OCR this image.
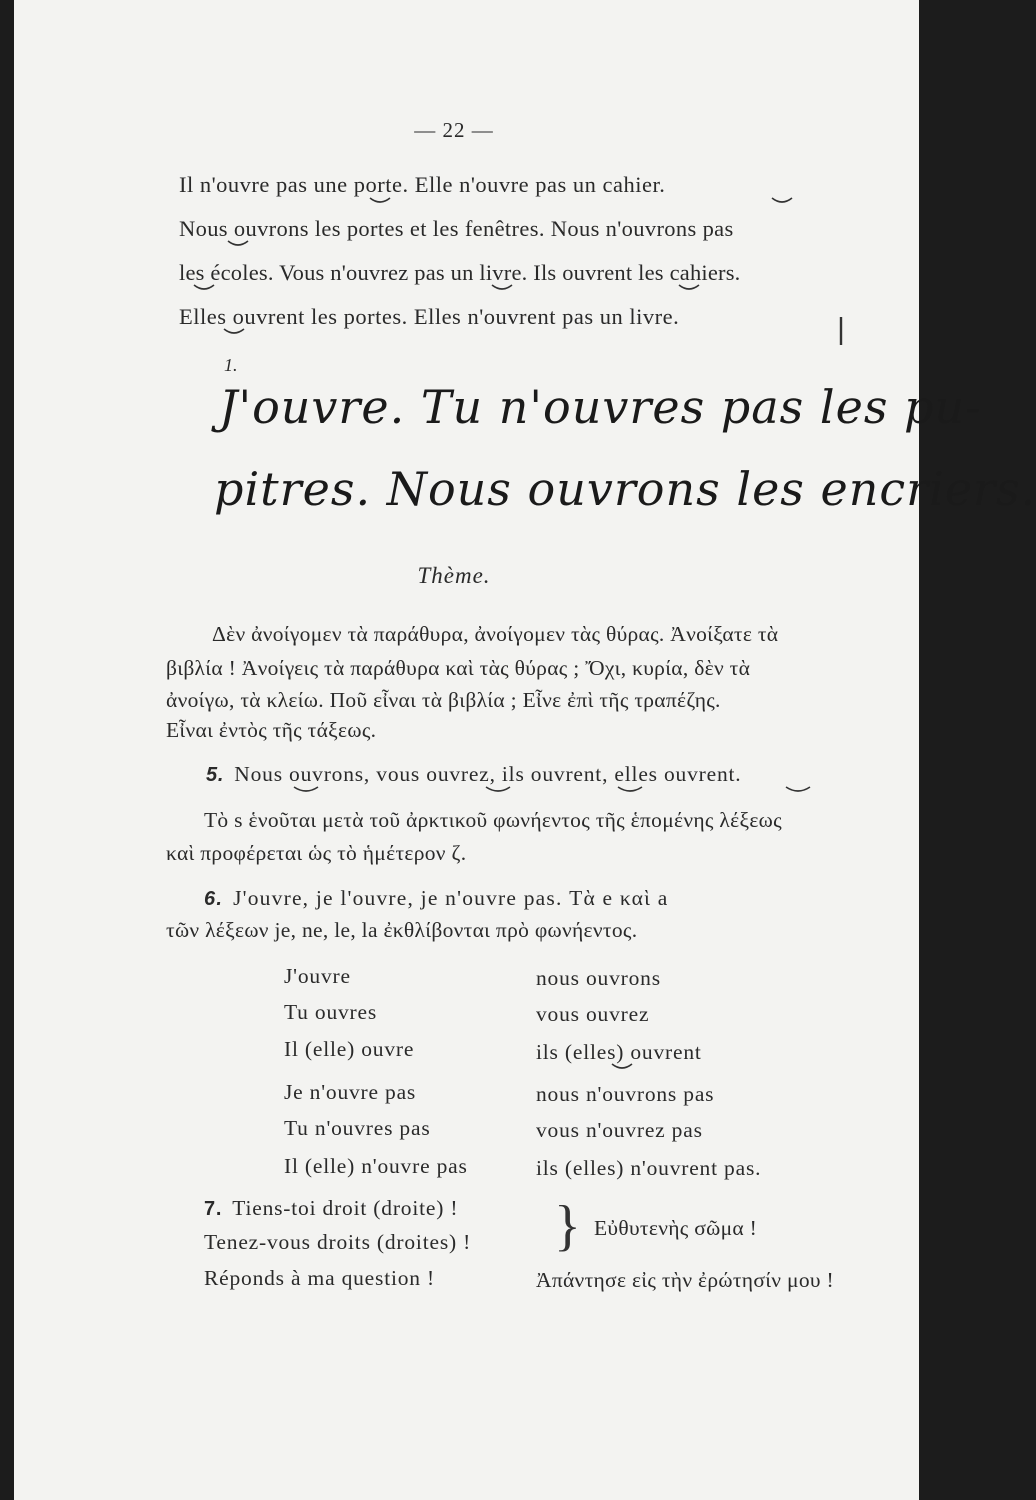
— 22 —
Il n'ouvre pas une porte. Elle n'ouvre pas un cahier.
Nous ouvrons les portes et les fenêtres. Nous n'ouvrons pas
les écoles. Vous n'ouvrez pas un livre. Ils ouvrent les cahiers.
Elles ouvrent les portes. Elles n'ouvrent pas un livre.
1.
J'ouvre. Tu n'ouvres pas les pu-
pitres. Nous ouvrons les encriers.
Thème.
Δὲν ἀνοίγομεν τὰ παράθυρα, ἀνοίγομεν τὰς θύρας. Ἀνοίξατε τὰ
βιβλία ! Ἀνοίγεις τὰ παράθυρα καὶ τὰς θύρας ; Ὄχι, κυρία, δὲν τὰ
ἀνοίγω, τὰ κλείω. Ποῦ εἶναι τὰ βιβλία ; Εἶνε ἐπὶ τῆς τραπέζης.
Εἶναι ἐντὸς τῆς τάξεως.
5. Nous ouvrons, vous ouvrez, ils ouvrent, elles ouvrent.
Τὸ s ἑνοῦται μετὰ τοῦ ἀρκτικοῦ φωνήεντος τῆς ἑπομένης λέξεως
καὶ προφέρεται ὡς τὸ ἡμέτερον ζ.
6. J'ouvre, je l'ouvre, je n'ouvre pas. Τὰ e καὶ a
τῶν λέξεων je, ne, le, la ἐκθλίβονται πρὸ φωνήεντος.
J'ouvre
Tu ouvres
Il (elle) ouvre
Je n'ouvre pas
Tu n'ouvres pas
Il (elle) n'ouvre pas
nous ouvrons
vous ouvrez
ils (elles) ouvrent
nous n'ouvrons pas
vous n'ouvrez pas
ils (elles) n'ouvrent pas.
7. Tiens-toi droit (droite) !
Tenez-vous droits (droites) ! } Εὐθυτενὴς σῶμα !
Réponds à ma question !	Ἀπάντησε εἰς τὴν ἐρώτησίν μου !
